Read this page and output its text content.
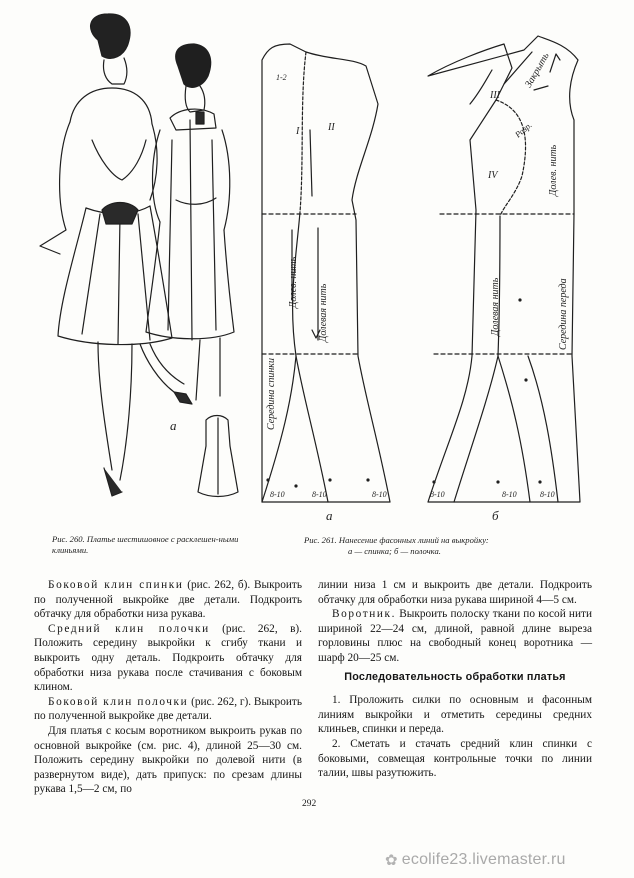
I	II
III
IV
1-2
Долев. нить
Долевая нить
Середина спинки
Долевая нить
Долев. нить
Середина переда
Закрыть
Разр.
8-10	8-10	8-10	8-10	8-10	8-10
а
а	б
Рис. 260. Платье шестишовное с расклешен-ными клиньями.
Рис. 261. Нанесение фасонных линий на выкройку:
а — спинка; б — полочка.

Боковой клин спинки (рис. 262, б). Выкроить по полученной выкройке две детали. Подкроить обтачку для обработки низа рукава.

Средний клин полочки (рис. 262, в). Положить середину выкройки к сгибу ткани и выкроить одну деталь. Подкроить обтачку для обработки низа рукава после стачивания с боковым клином.

Боковой клин полочки (рис. 262, г). Выкроить по полученной выкройке две детали.

Для платья с косым воротником выкроить рукав по основной выкройке (см. рис. 4), длиной 25—30 см. Положить середину выкройки по долевой нити (в развернутом виде), дать припуск: по срезам длины рукава 1,5—2 см, по

линии низа 1 см и выкроить две детали. Подкроить обтачку для обработки низа рукава шириной 4—5 см.

Воротник. Выкроить полоску ткани по косой нити шириной 22—24 см, длиной, равной длине выреза горловины плюс на свободный конец воротника — шарф 20—25 см.

Последовательность обработки платья

1. Проложить силки по основным и фасонным линиям выкройки и отметить середины средних клиньев, спинки и переда.

2. Сметать и стачать средний клин спинки с боковыми, совмещая контрольные точки по линии талии, швы разутюжить.

292
✿ ecolife23.livemaster.ru
